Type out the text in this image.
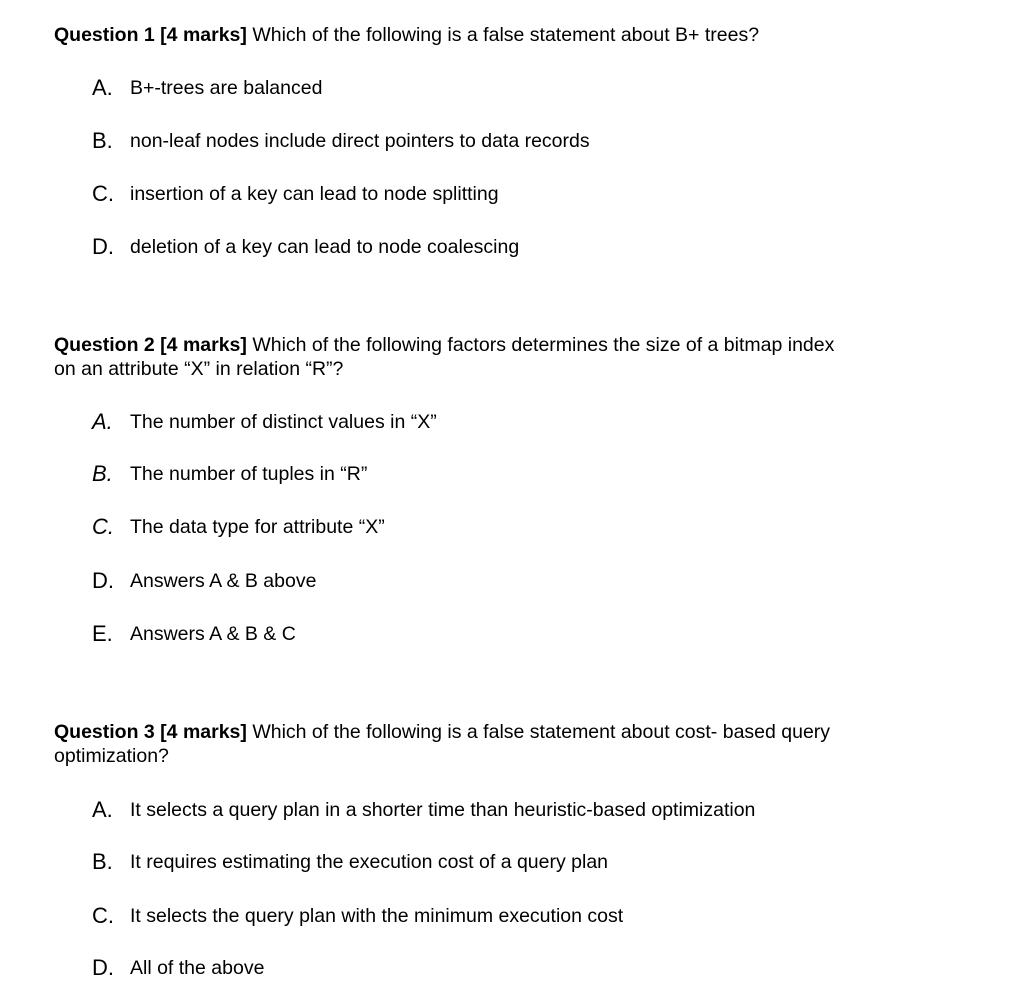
Question 1 [4 marks] Which of the following is a false statement about B+ trees?

A. B+-trees are balanced
B. non-leaf nodes include direct pointers to data records
C. insertion of a key can lead to node splitting
D. deletion of a key can lead to node coalescing

Question 2 [4 marks] Which of the following factors determines the size of a bitmap index
on an attribute “X” in relation “R”?

A. The number of distinct values in “X”
B. The number of tuples in “R”
C. The data type for attribute “X”
D. Answers A & B above
E. Answers A & B & C

Question 3 [4 marks] Which of the following is a false statement about cost- based query
optimization?

A. It selects a query plan in a shorter time than heuristic-based optimization
B. It requires estimating the execution cost of a query plan
C. It selects the query plan with the minimum execution cost
D. All of the above
